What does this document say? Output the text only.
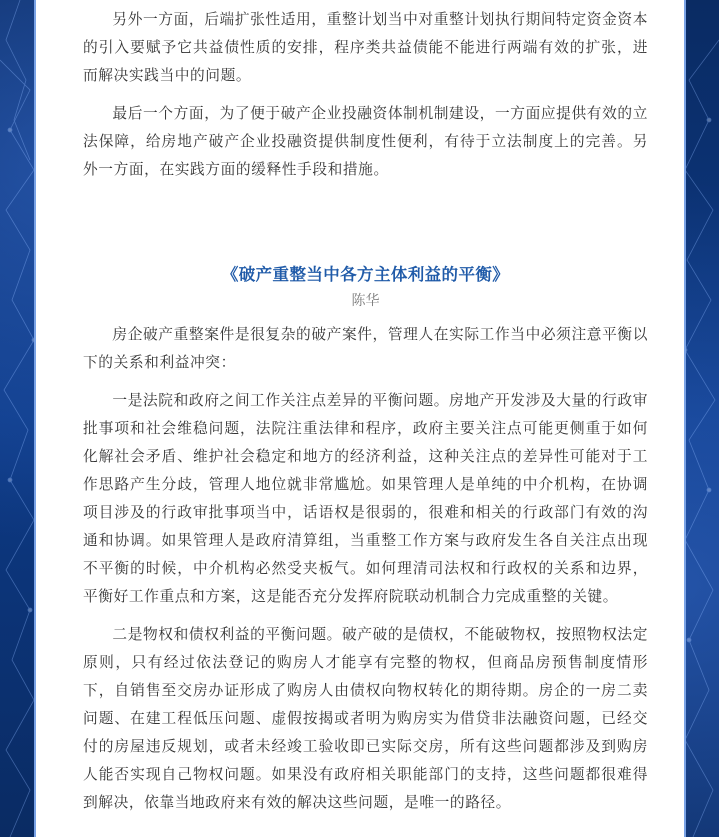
另外一方面，后端扩张性适用，重整计划当中对重整计划执行期间特定资金资本的引入要赋予它共益债性质的安排，程序类共益债能不能进行两端有效的扩张，进而解决实践当中的问题。

最后一个方面，为了便于破产企业投融资体制机制建设，一方面应提供有效的立法保障，给房地产破产企业投融资提供制度性便利，有待于立法制度上的完善。另外一方面，在实践方面的缓释性手段和措施。

《破产重整当中各方主体利益的平衡》

陈华

房企破产重整案件是很复杂的破产案件，管理人在实际工作当中必须注意平衡以下的关系和利益冲突：

一是法院和政府之间工作关注点差异的平衡问题。房地产开发涉及大量的行政审批事项和社会维稳问题，法院注重法律和程序，政府主要关注点可能更侧重于如何化解社会矛盾、维护社会稳定和地方的经济利益，这种关注点的差异性可能对于工作思路产生分歧，管理人地位就非常尴尬。如果管理人是单纯的中介机构，在协调项目涉及的行政审批事项当中，话语权是很弱的，很难和相关的行政部门有效的沟通和协调。如果管理人是政府清算组，当重整工作方案与政府发生各自关注点出现不平衡的时候，中介机构必然受夹板气。如何理清司法权和行政权的关系和边界，平衡好工作重点和方案，这是能否充分发挥府院联动机制合力完成重整的关键。

二是物权和债权利益的平衡问题。破产破的是债权，不能破物权，按照物权法定原则，只有经过依法登记的购房人才能享有完整的物权，但商品房预售制度情形下，自销售至交房办证形成了购房人由债权向物权转化的期待期。房企的一房二卖问题、在建工程低压问题、虚假按揭或者明为购房实为借贷非法融资问题，已经交付的房屋违反规划，或者未经竣工验收即已实际交房，所有这些问题都涉及到购房人能否实现自己物权问题。如果没有政府相关职能部门的支持，这些问题都很难得到解决，依靠当地政府来有效的解决这些问题，是唯一的路径。
